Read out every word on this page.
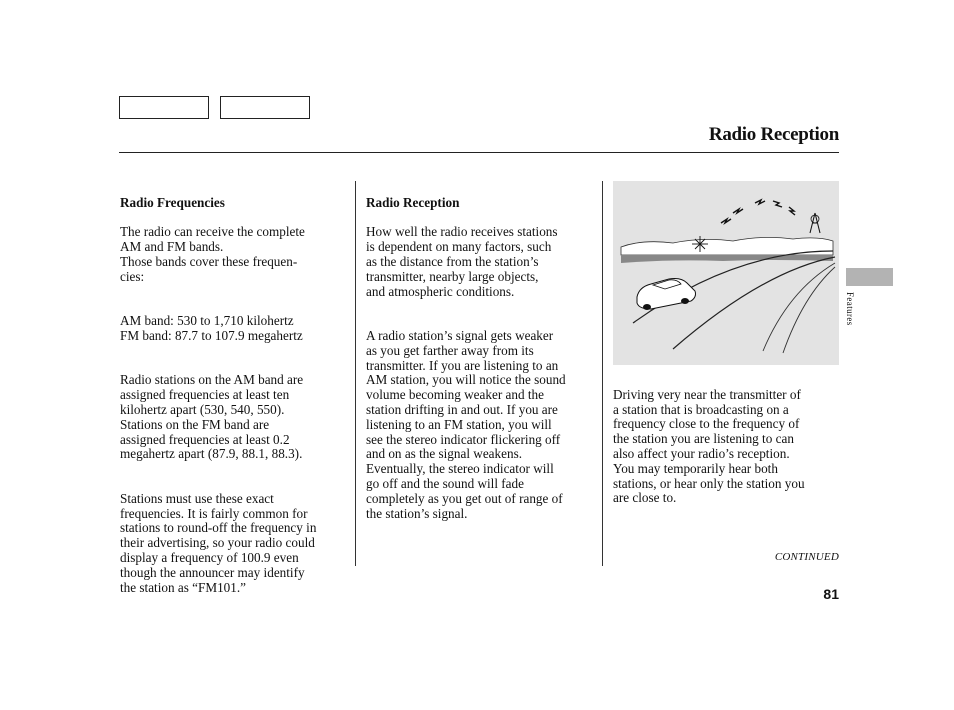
Radio Reception

Radio Frequencies

The radio can receive the complete
AM and FM bands.
Those bands cover these frequen-
cies:

AM band: 530 to 1,710 kilohertz
FM band: 87.7 to 107.9 megahertz

Radio stations on the AM band are
assigned frequencies at least ten
kilohertz apart (530, 540, 550).
Stations on the FM band are
assigned frequencies at least 0.2
megahertz apart (87.9, 88.1, 88.3).

Stations must use these exact
frequencies. It is fairly common for
stations to round-off the frequency in
their advertising, so your radio could
display a frequency of 100.9 even
though the announcer may identify
the station as “FM101.”

Radio Reception

How well the radio receives stations
is dependent on many factors, such
as the distance from the station’s
transmitter, nearby large objects,
and atmospheric conditions.

A radio station’s signal gets weaker
as you get farther away from its
transmitter. If you are listening to an
AM station, you will notice the sound
volume becoming weaker and the
station drifting in and out. If you are
listening to an FM station, you will
see the stereo indicator flickering off
and on as the signal weakens.
Eventually, the stereo indicator will
go off and the sound will fade
completely as you get out of range of
the station’s signal.

Driving very near the transmitter of
a station that is broadcasting on a
frequency close to the frequency of
the station you are listening to can
also affect your radio’s reception.
You may temporarily hear both
stations, or hear only the station you
are close to.

Features
CONTINUED
81
